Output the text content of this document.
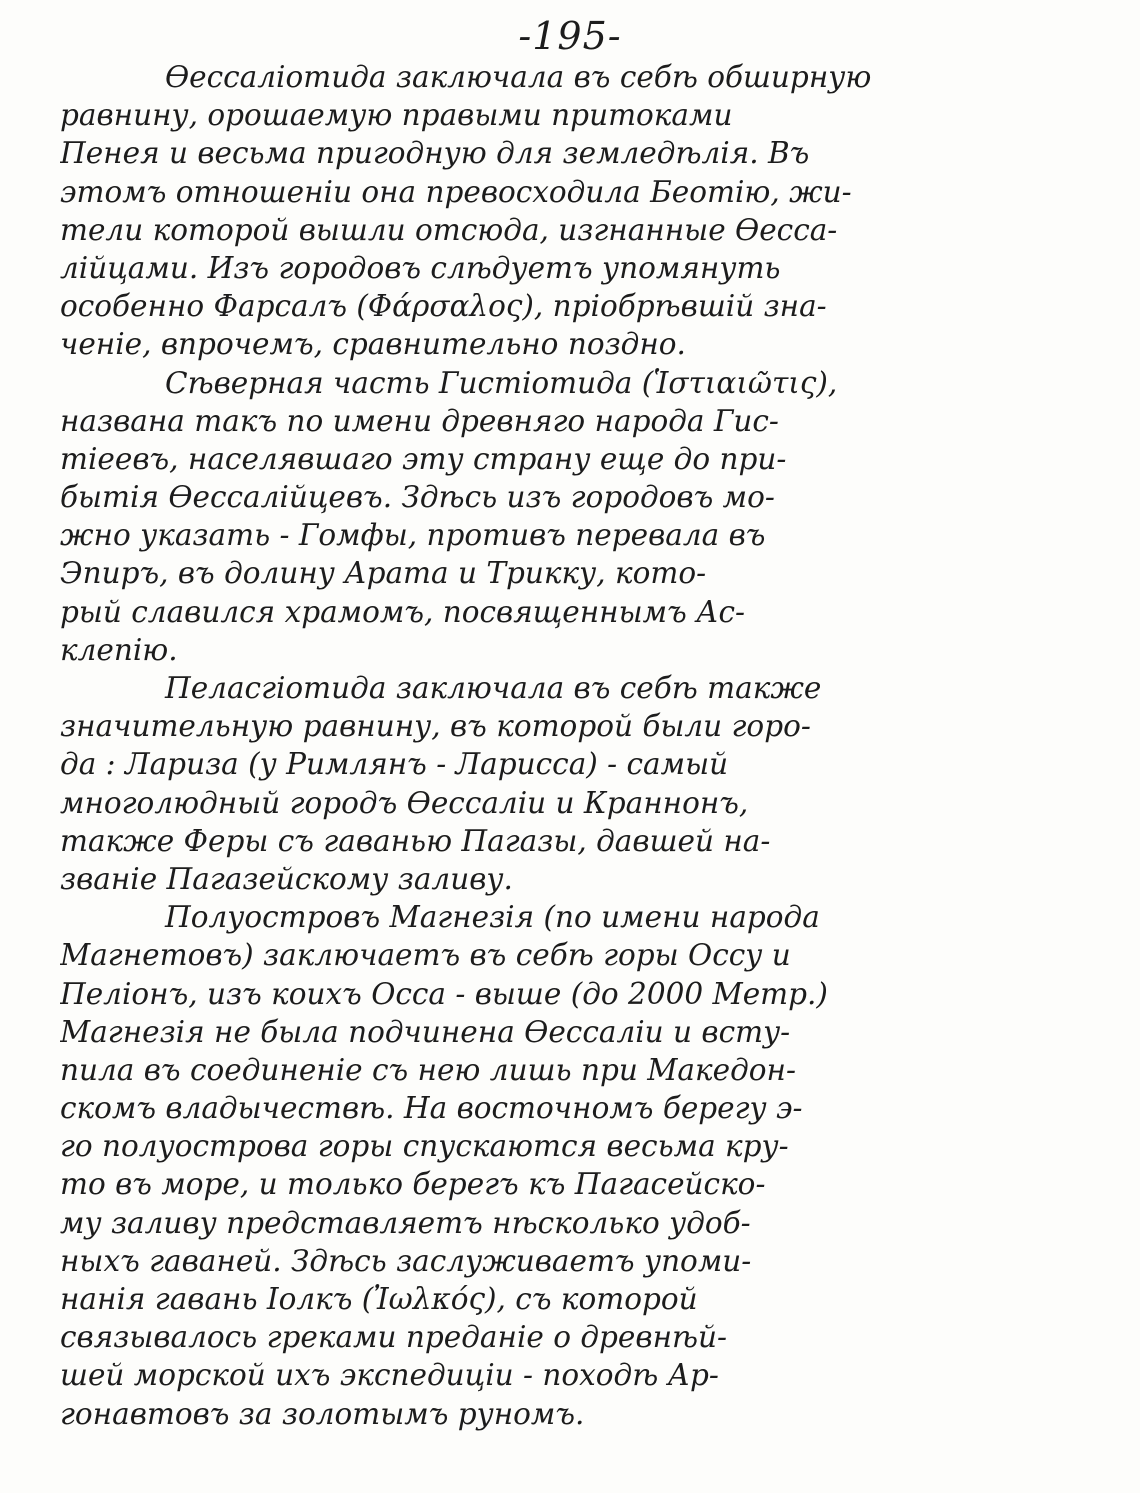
-195-
Өессаліотида заключала въ себѣ обширную
равнину, орошаемую правыми притоками
Пенея и весьма пригодную для земледѣлія. Въ
этомъ отношеніи она превосходила Беотію, жи-
тели которой вышли отсюда, изгнанные Өесса-
лійцами. Изъ городовъ слѣдуетъ упомянуть
особенно Фарсалъ (Φάρσαλος), пріобрѣвшій зна-
ченіе, впрочемъ, сравнительно поздно.
Сѣверная часть Гистіотида (Ἱστιαιῶτις),
названа такъ по имени древняго народа Гис-
тіеевъ, населявшаго эту страну еще до при-
бытія Өессалійцевъ. Здѣсь изъ городовъ мо-
жно указать - Гомфы, противъ перевала въ
Эпиръ, въ долину Арата и Трикку, кото-
рый славился храмомъ, посвященнымъ Ас-
клепію.
Пеласгіотида заключала въ себѣ также
значительную равнину, въ которой были горо-
да : Лариза (у Римлянъ - Ларисса) - самый
многолюдный городъ Өессаліи и Краннонъ,
также Феры съ гаванью Пагазы, давшей на-
званіе Пагазейскому заливу.
Полуостровъ Магнезія (по имени народа
Магнетовъ) заключаетъ въ себѣ горы Оссу и
Пеліонъ, изъ коихъ Осса - выше (до 2000 Метр.)
Магнезія не была подчинена Өессаліи и всту-
пила въ соединеніе съ нею лишь при Македон-
скомъ владычествѣ. На восточномъ берегу э-
го полуострова горы спускаются весьма кру-
то въ море, и только берегъ къ Пагасейско-
му заливу представляетъ нѣсколько удоб-
ныхъ гаваней. Здѣсь заслуживаетъ упоми-
нанія гавань Іолкъ (Ἰωλκός), съ которой
связывалось греками преданіе о древнѣй-
шей морской ихъ экспедиціи - походѣ Ар-
гонавтовъ за золотымъ руномъ.
